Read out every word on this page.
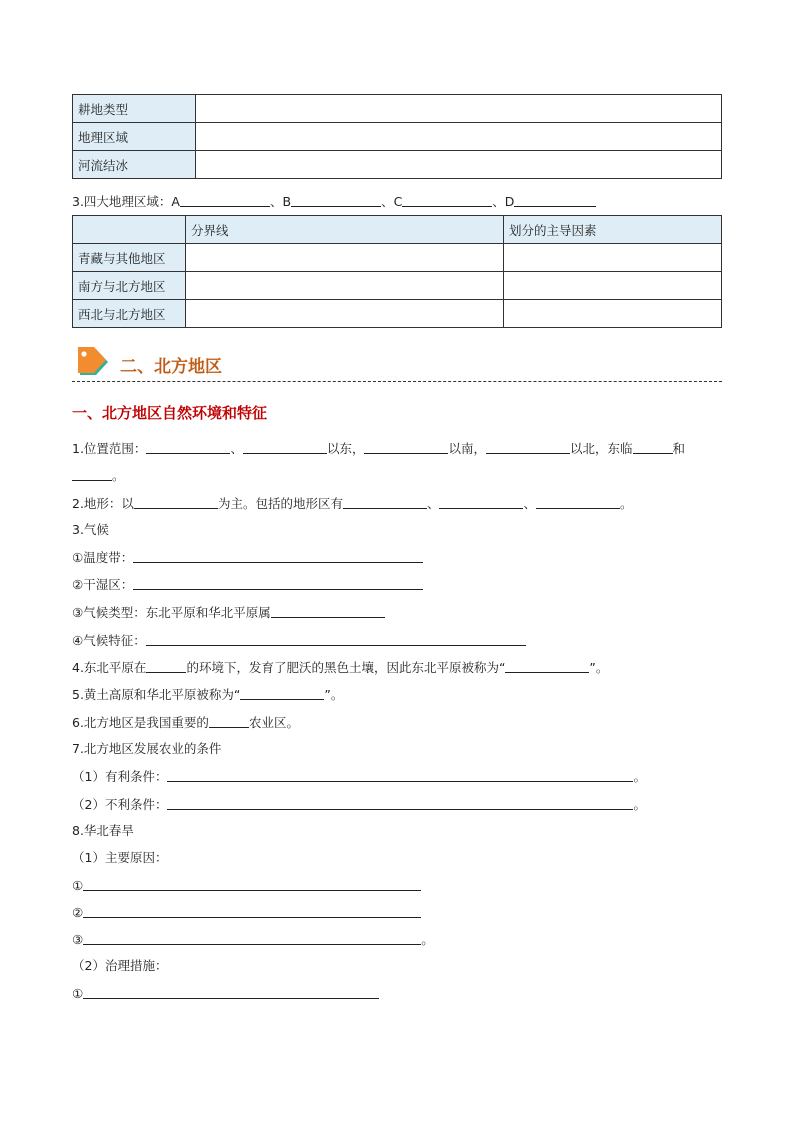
耕地类型	
地理区域	
河流结冰	
3.四大地理区域：A	、B	、C	、D
	分界线	划分的主导因素
青藏与其他地区		
南方与北方地区		
西北与北方地区		
二、北方地区
一、北方地区自然环境和特征
1.位置范围：	、	以东，	以南，	以北，东临	和
。
2.地形：以	为主。包括的地形区有	、	、	。
3.气候
①温度带：
②干湿区：
③气候类型：东北平原和华北平原属
④气候特征：
4.东北平原在	的环境下，发育了肥沃的黑色土壤，因此东北平原被称为“	”。
5.黄土高原和华北平原被称为“	”。
6.北方地区是我国重要的	农业区。
7.北方地区发展农业的条件
（1）有利条件：	。
（2）不利条件：	。
8.华北春旱
（1）主要原因：
①
②
③	。
（2）治理措施：
①
